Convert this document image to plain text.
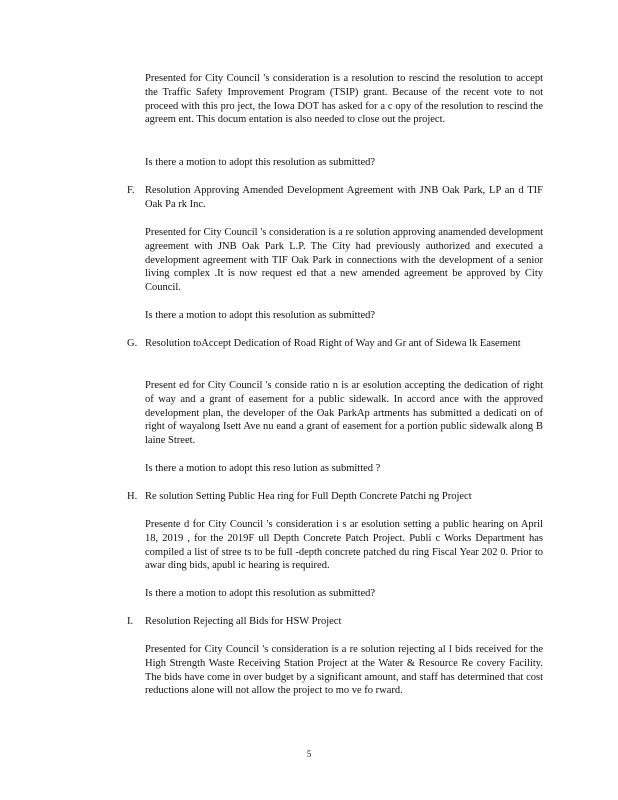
Presented for City Council 's consideration is a resolution to rescind the resolution to accept the Traffic Safety Improvement Program (TSIP) grant. Because of the recent vote to not proceed with this pro ject, the Iowa DOT has asked for a c opy of the resolution to rescind the agreem ent. This docum entation is also needed to close out the project.

Is there a motion to adopt this resolution as submitted?

F. Resolution Approving Amended Development Agreement with JNB Oak Park, LP an d TIF Oak Pa rk Inc.

Presented for City Council 's consideration is a re solution approving anamended development agreement with JNB Oak Park L.P. The City had previously authorized and executed a development agreement with TIF Oak Park in connections with the development of a senior living complex .It is now request ed that a new amended agreement be approved by City Council.

Is there a motion to adopt this resolution as submitted?

G. Resolution toAccept Dedication of Road Right of Way and Gr ant of Sidewa lk Easement

Present ed for City Council 's conside ratio n is ar esolution accepting the dedication of right of way and a grant of easement for a public sidewalk. In accord ance with the approved development plan, the developer of the Oak ParkAp artments has submitted a dedicati on of right of wayalong Isett Ave nu eand a grant of easement for a portion public sidewalk along B laine Street.

Is there a motion to adopt this reso lution as submitted ?

H. Re solution Setting Public Hea ring for Full Depth Concrete Patchi ng Project

Presente d for City Council 's consideration i s ar esolution setting a public hearing on April 18, 2019 , for the 2019F ull Depth Concrete Patch Project. Publi c Works Department has compiled a list of stree ts to be full -depth concrete patched du ring Fiscal Year 202 0. Prior to awar ding bids, apubl ic hearing is required.

Is there a motion to adopt this resolution as submitted?

I.	Resolution Rejecting all Bids for HSW Project

Presented for City Council 's consideration is a re solution rejecting al l bids received for the High Strength Waste Receiving Station Project at the Water & Resource Re covery Facility. The bids have come in over budget by a significant amount, and staff has determined that cost reductions alone will not allow the project to mo ve fo rward.

5
